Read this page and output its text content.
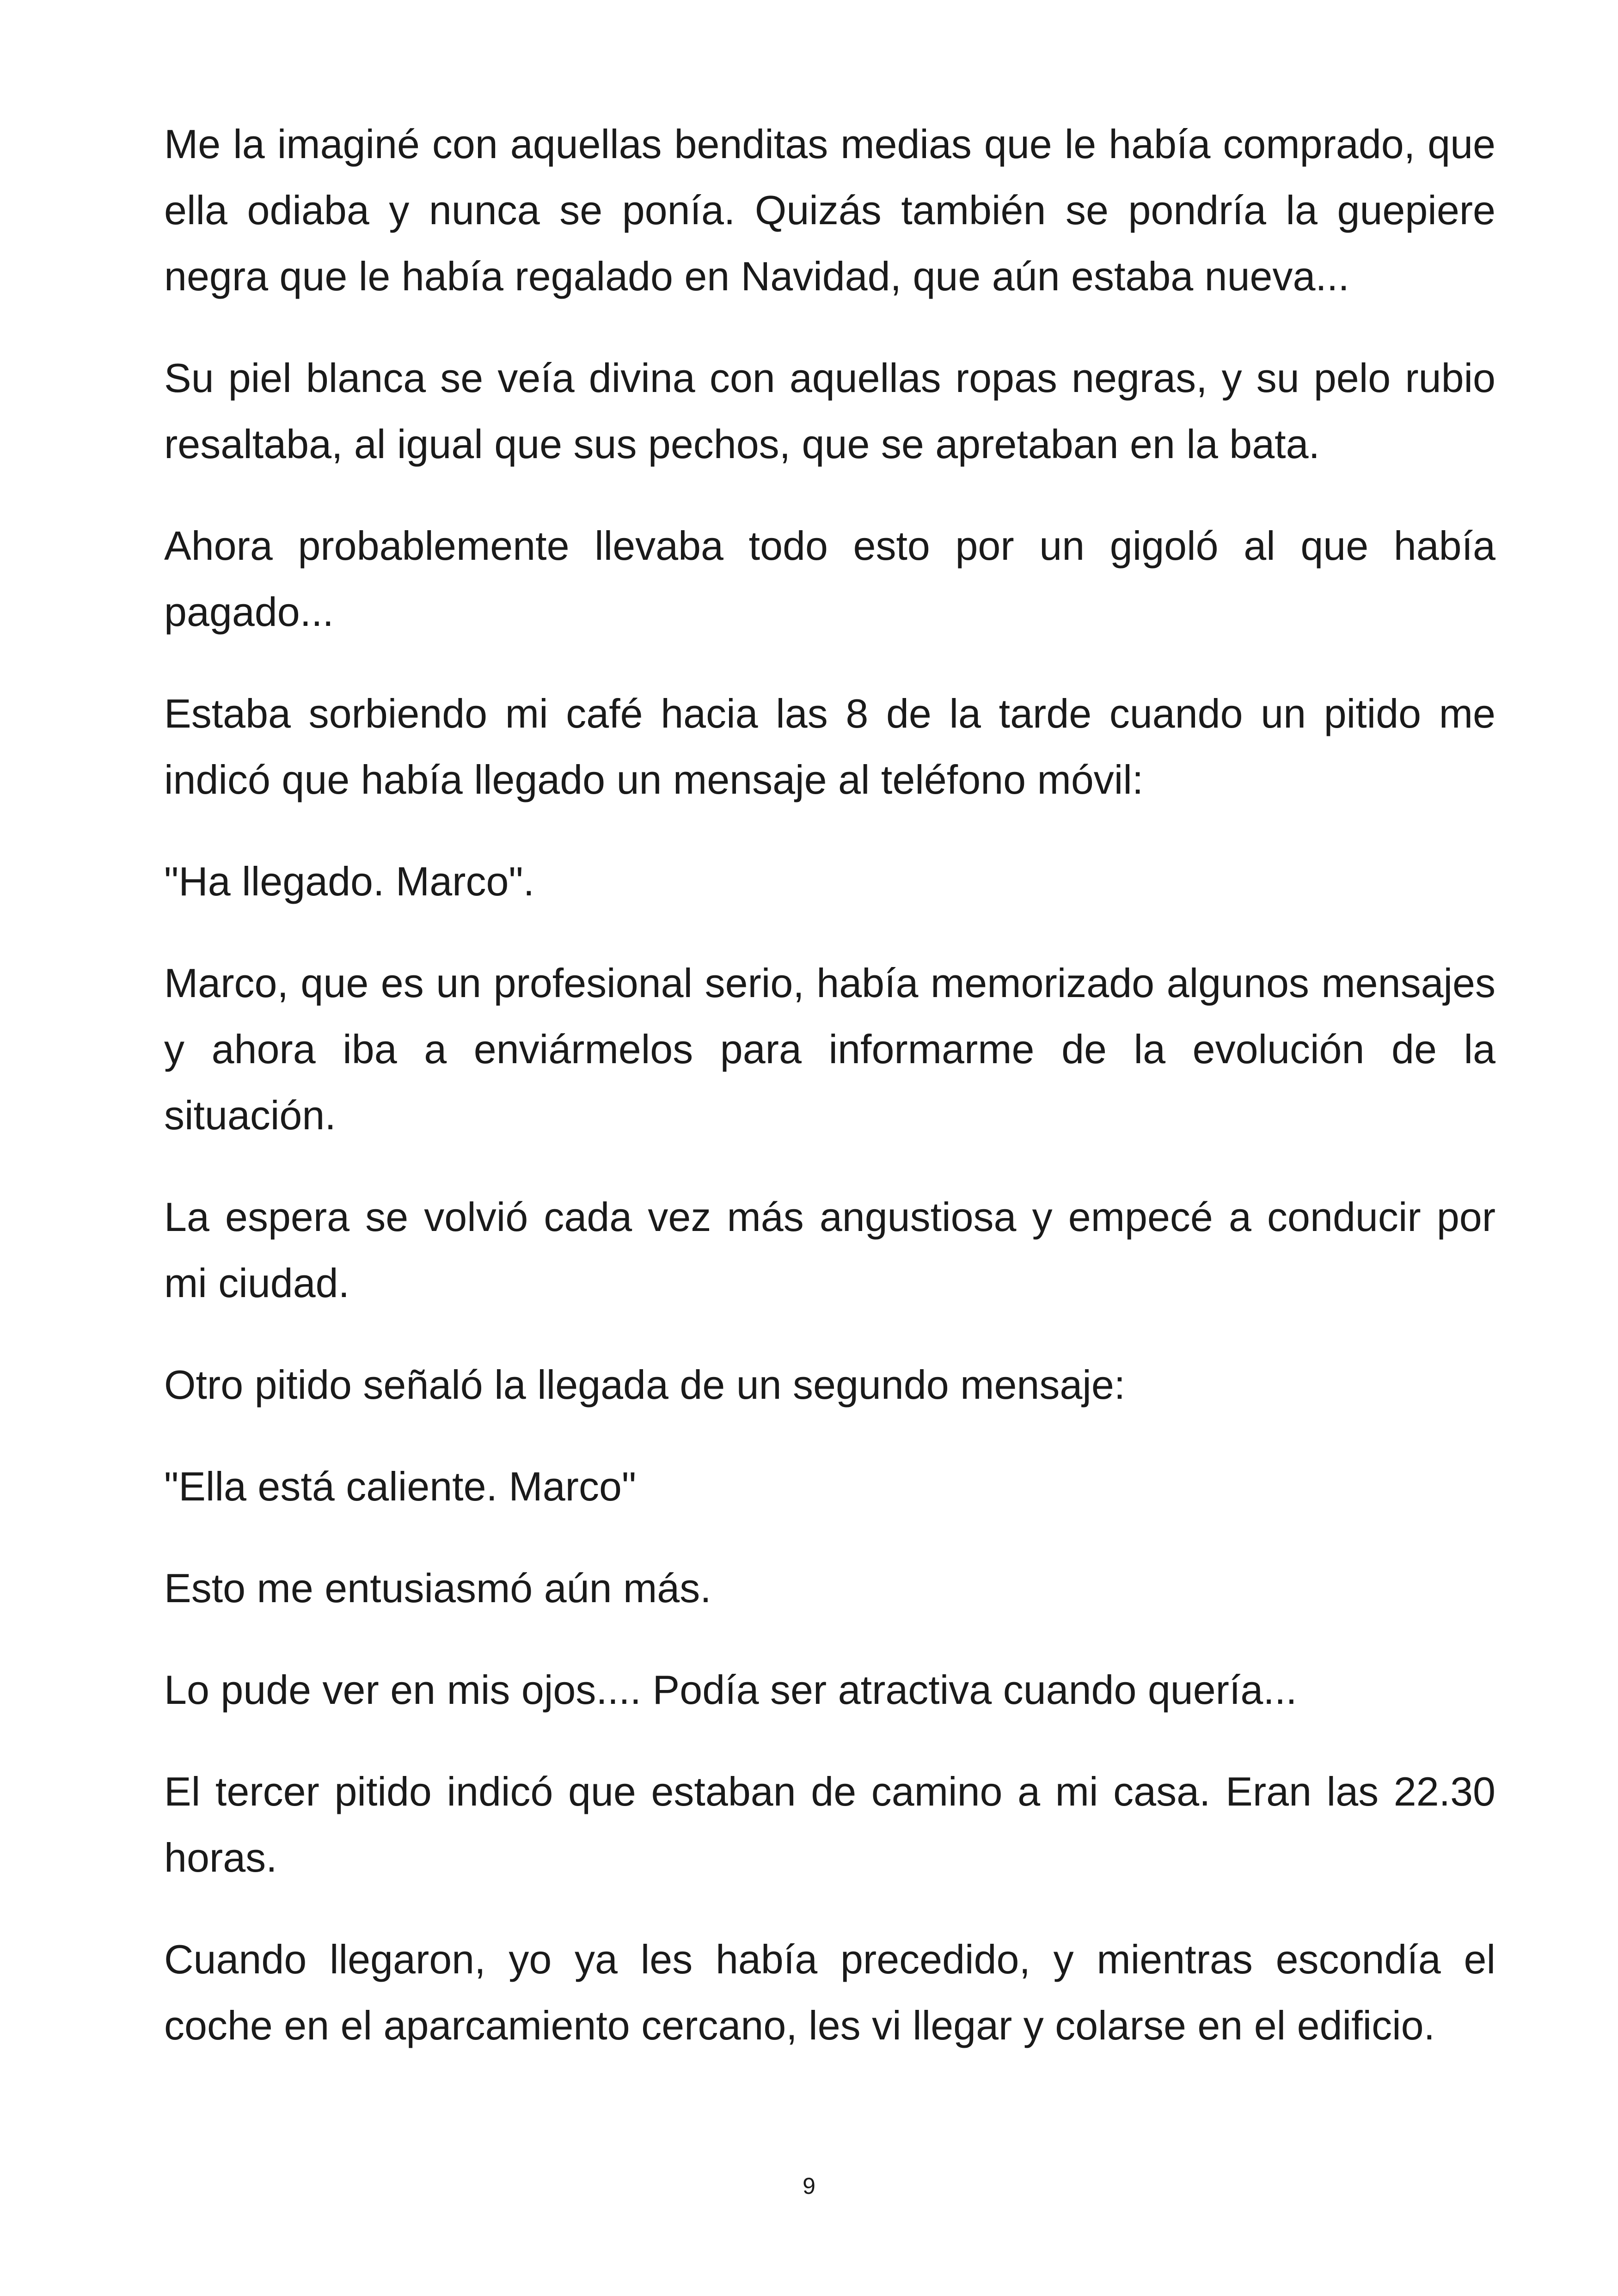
Me la imaginé con aquellas benditas medias que le había comprado, que ella odiaba y nunca se ponía. Quizás también se pondría la guepiere negra que le había regalado en Navidad, que aún estaba nueva...

Su piel blanca se veía divina con aquellas ropas negras, y su pelo rubio resaltaba, al igual que sus pechos, que se apretaban en la bata.

Ahora probablemente llevaba todo esto por un gigoló al que había pagado...

Estaba sorbiendo mi café hacia las 8 de la tarde cuando un pitido me indicó que había llegado un mensaje al teléfono móvil:

"Ha llegado. Marco".

Marco, que es un profesional serio, había memorizado algunos mensajes y ahora iba a enviármelos para informarme de la evolución de la situación.

La espera se volvió cada vez más angustiosa y empecé a conducir por mi ciudad.

Otro pitido señaló la llegada de un segundo mensaje:

"Ella está caliente. Marco"

Esto me entusiasmó aún más.

Lo pude ver en mis ojos.... Podía ser atractiva cuando quería...

El tercer pitido indicó que estaban de camino a mi casa. Eran las 22.30 horas.

Cuando llegaron, yo ya les había precedido, y mientras escondía el coche en el aparcamiento cercano, les vi llegar y colarse en el edificio.

9
